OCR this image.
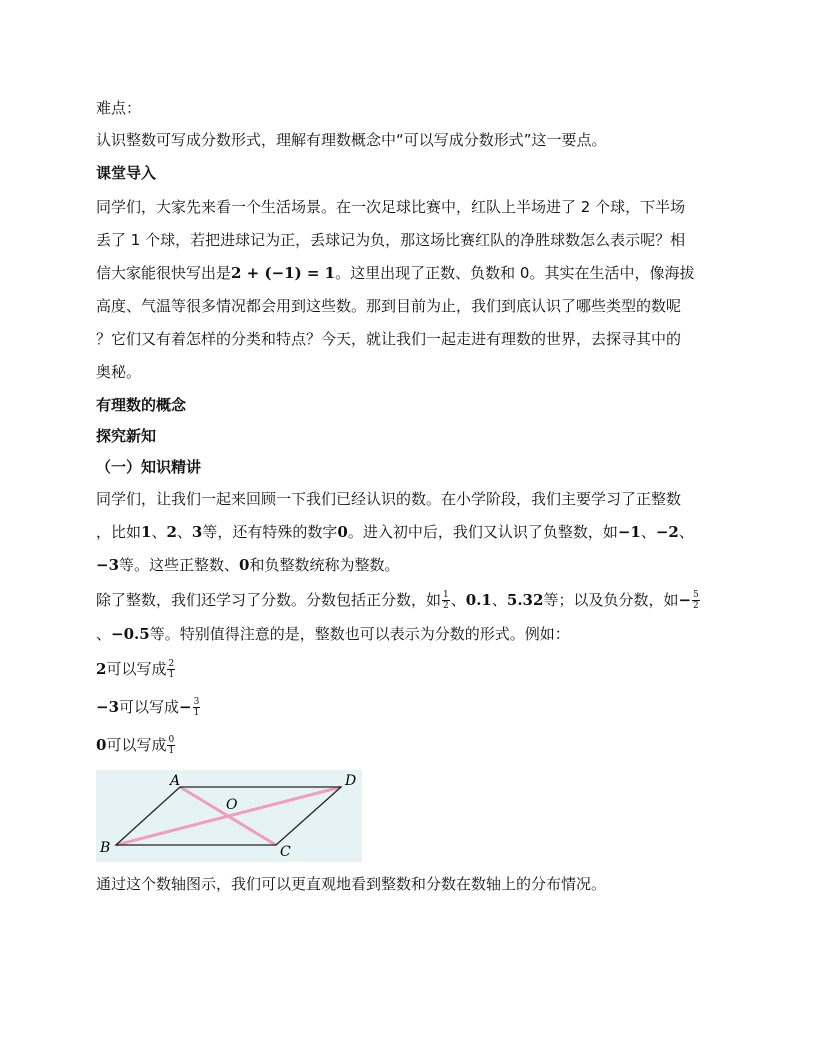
难点：
认识整数可写成分数形式，理解有理数概念中“可以写成分数形式”这一要点。
课堂导入
同学们，大家先来看一个生活场景。在一次足球比赛中，红队上半场进了 2 个球，下半场
丢了 1 个球，若把进球记为正，丢球记为负，那这场比赛红队的净胜球数怎么表示呢？相
信大家能很快写出是2 + (−1) = 1。这里出现了正数、负数和 0。其实在生活中，像海拔
高度、气温等很多情况都会用到这些数。那到目前为止，我们到底认识了哪些类型的数呢
？它们又有着怎样的分类和特点？今天，就让我们一起走进有理数的世界，去探寻其中的
奥秘。
有理数的概念
探究新知
（一）知识精讲
同学们，让我们一起来回顾一下我们已经认识的数。在小学阶段，我们主要学习了正整数
，比如1、2、3等，还有特殊的数字0。进入初中后，我们又认识了负整数，如−1、−2、
−3等。这些正整数、0和负整数统称为整数。
除了整数，我们还学习了分数。分数包括正分数，如 $\frac{1}{2}$ 、0.1、5.32等；以及负分数，如− $\frac{5}{2}$
、−0.5等。特别值得注意的是，整数也可以表示为分数的形式。例如：
2可以写成 $\frac{2}{1}$
−3可以写成− $\frac{3}{1}$
0可以写成 $\frac{0}{1}$
A	D
B	C
O
通过这个数轴图示，我们可以更直观地看到整数和分数在数轴上的分布情况。
